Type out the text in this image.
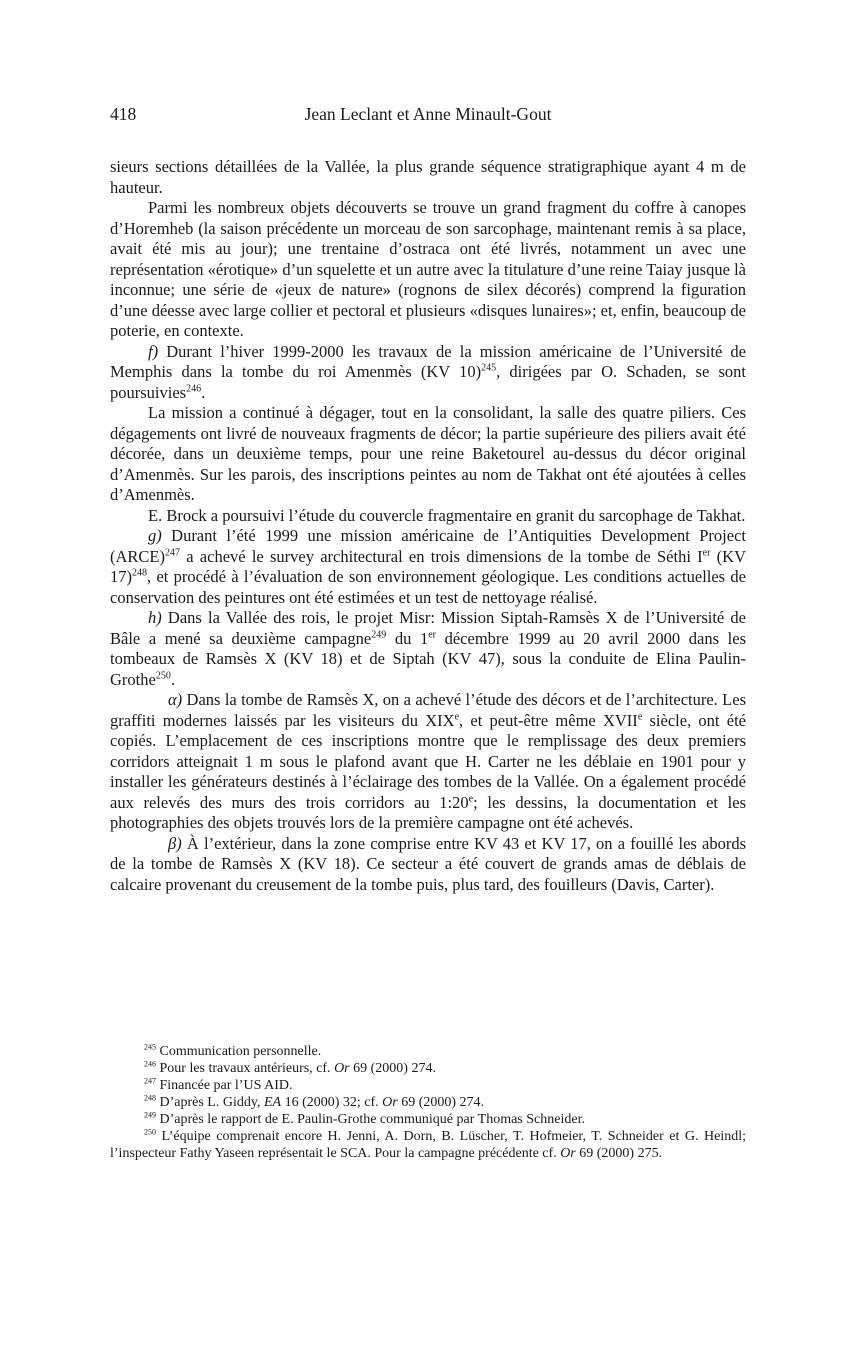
418	Jean Leclant et Anne Minault-Gout

sieurs sections détaillées de la Vallée, la plus grande séquence stratigraphique ayant 4 m de hauteur.

Parmi les nombreux objets découverts se trouve un grand fragment du coffre à canopes d’Horemheb (la saison précédente un morceau de son sarcophage, maintenant remis à sa place, avait été mis au jour); une trentaine d’ostraca ont été livrés, notamment un avec une représentation «érotique» d’un squelette et un autre avec la titulature d’une reine Taiay jusque là inconnue; une série de «jeux de nature» (rognons de silex décorés) comprend la figuration d’une déesse avec large collier et pectoral et plusieurs «disques lunaires»; et, enfin, beaucoup de poterie, en contexte.

f) Durant l’hiver 1999-2000 les travaux de la mission américaine de l’Université de Memphis dans la tombe du roi Amenmès (KV 10)$^{245}$, dirigées par O. Schaden, se sont poursuivies$^{246}$.

La mission a continué à dégager, tout en la consolidant, la salle des quatre piliers. Ces dégagements ont livré de nouveaux fragments de décor; la partie supérieure des piliers avait été décorée, dans un deuxième temps, pour une reine Baketourel au-dessus du décor original d’Amenmès. Sur les parois, des inscriptions peintes au nom de Takhat ont été ajoutées à celles d’Amenmès.

E. Brock a poursuivi l’étude du couvercle fragmentaire en granit du sarcophage de Takhat.

g) Durant l’été 1999 une mission américaine de l’Antiquities Development Project (ARCE)$^{247}$ a achevé le survey architectural en trois dimensions de la tombe de Séthi Ier (KV 17)$^{248}$, et procédé à l’évaluation de son environnement géologique. Les conditions actuelles de conservation des peintures ont été estimées et un test de nettoyage réalisé.

h) Dans la Vallée des rois, le projet Misr: Mission Siptah-Ramsès X de l’Université de Bâle a mené sa deuxième campagne$^{249}$ du 1er décembre 1999 au 20 avril 2000 dans les tombeaux de Ramsès X (KV 18) et de Siptah (KV 47), sous la conduite de Elina Paulin-Grothe$^{250}$.

α) Dans la tombe de Ramsès X, on a achevé l’étude des décors et de l’architecture. Les graffiti modernes laissés par les visiteurs du XIXe, et peut-être même XVIIe siècle, ont été copiés. L’emplacement de ces inscriptions montre que le remplissage des deux premiers corridors atteignait 1 m sous le plafond avant que H. Carter ne les déblaie en 1901 pour y installer les générateurs destinés à l’éclairage des tombes de la Vallée. On a également procédé aux relevés des murs des trois corridors au 1:20e; les dessins, la documentation et les photographies des objets trouvés lors de la première campagne ont été achevés.

β) À l’extérieur, dans la zone comprise entre KV 43 et KV 17, on a fouillé les abords de la tombe de Ramsès X (KV 18). Ce secteur a été couvert de grands amas de déblais de calcaire provenant du creusement de la tombe puis, plus tard, des fouilleurs (Davis, Carter).

$^{245}$ Communication personnelle.

$^{246}$ Pour les travaux antérieurs, cf. Or 69 (2000) 274.

$^{247}$ Financée par l’US AID.

$^{248}$ D’après L. Giddy, EA 16 (2000) 32; cf. Or 69 (2000) 274.

$^{249}$ D’après le rapport de E. Paulin-Grothe communiqué par Thomas Schneider.

$^{250}$ L’équipe comprenait encore H. Jenni, A. Dorn, B. Lüscher, T. Hofmeier, T. Schneider et G. Heindl; l’inspecteur Fathy Yaseen représentait le SCA. Pour la campagne précédente cf. Or 69 (2000) 275.
